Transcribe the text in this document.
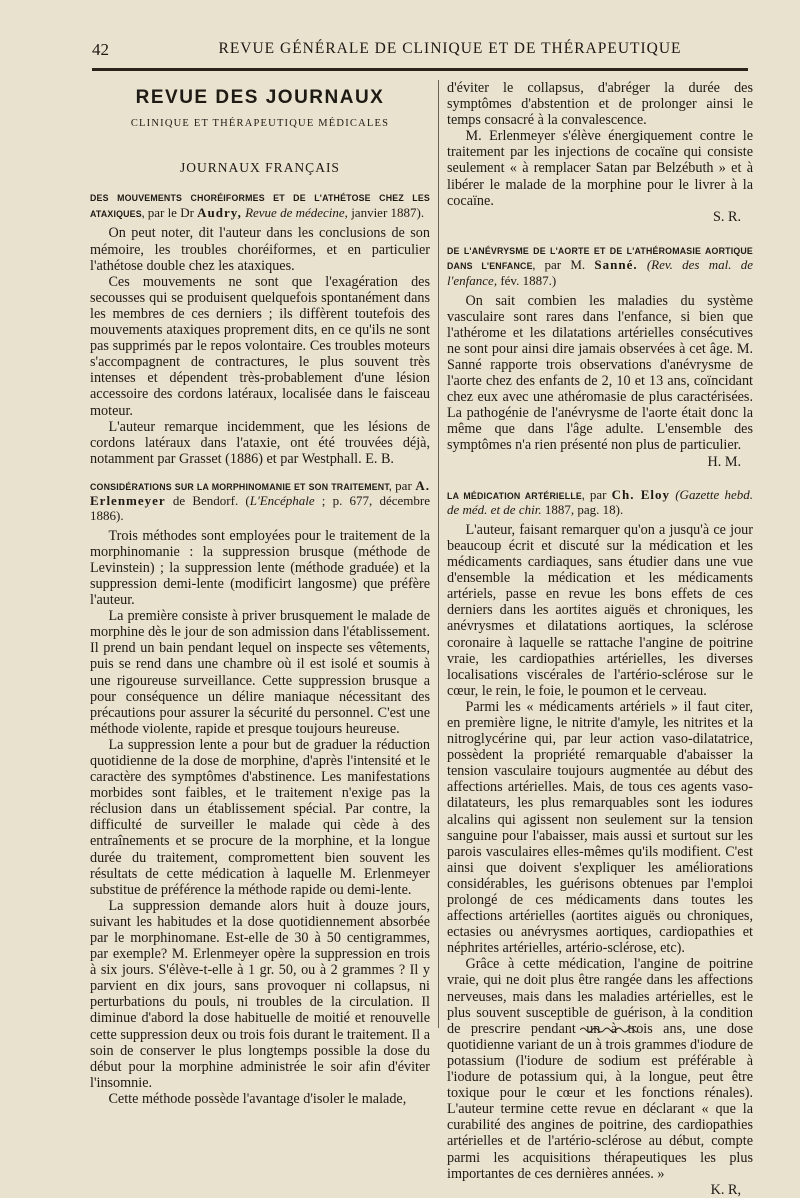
42	REVUE GÉNÉRALE DE CLINIQUE ET DE THÉRAPEUTIQUE
REVUE DES JOURNAUX
CLINIQUE ET THÉRAPEUTIQUE MÉDICALES
JOURNAUX FRANÇAIS
DES MOUVEMENTS CHORÉIFORMES ET DE L'ATHÉTOSE CHEZ LES ATAXIQUES, par le Dr Audry, Revue de médecine, janvier 1887).

On peut noter, dit l'auteur dans les conclusions de son mémoire, les troubles choréiformes, et en particulier l'athétose double chez les ataxiques.

Ces mouvements ne sont que l'exagération des secousses qui se produisent quelquefois spontanément dans les membres de ces derniers ; ils diffèrent toutefois des mouvements ataxiques proprement dits, en ce qu'ils ne sont pas supprimés par le repos volontaire. Ces troubles moteurs s'accompagnent de contractures, le plus souvent très intenses et dépendent très-probablement d'une lésion accessoire des cordons latéraux, localisée dans le faisceau moteur.

L'auteur remarque incidemment, que les lésions de cordons latéraux dans l'ataxie, ont été trouvées déjà, notamment par Grasset (1886) et par Westphall. E. B.

CONSIDÉRATIONS SUR LA MORPHINOMANIE ET SON TRAITEMENT, par A. Erlenmeyer de Bendorf. (L'Encéphale ; p. 677, décembre 1886).

Trois méthodes sont employées pour le traitement de la morphinomanie : la suppression brusque (méthode de Levinstein) ; la suppression lente (méthode graduée) et la suppression demi-lente (modificirt langosme) que préfère l'auteur.

La première consiste à priver brusquement le malade de morphine dès le jour de son admission dans l'établissement. Il prend un bain pendant lequel on inspecte ses vêtements, puis se rend dans une chambre où il est isolé et soumis à une rigoureuse surveillance. Cette suppression brusque a pour conséquence un délire maniaque nécessitant des précautions pour assurer la sécurité du personnel. C'est une méthode violente, rapide et presque toujours heureuse.

La suppression lente a pour but de graduer la réduction quotidienne de la dose de morphine, d'après l'intensité et le caractère des symptômes d'abstinence. Les manifestations morbides sont faibles, et le traitement n'exige pas la réclusion dans un établissement spécial. Par contre, la difficulté de surveiller le malade qui cède à des entraînements et se procure de la morphine, et la longue durée du traitement, compromettent bien souvent les résultats de cette médication à laquelle M. Erlenmeyer substitue de préférence la méthode rapide ou demi-lente.

La suppression demande alors huit à douze jours, suivant les habitudes et la dose quotidiennement absorbée par le morphinomane. Est-elle de 30 à 50 centigrammes, par exemple? M. Erlenmeyer opère la suppression en trois à six jours. S'élève-t-elle à 1 gr. 50, ou à 2 grammes ? Il y parvient en dix jours, sans provoquer ni collapsus, ni perturbations du pouls, ni troubles de la circulation. Il diminue d'abord la dose habituelle de moitié et renouvelle cette suppression deux ou trois fois durant le traitement. Il a soin de conserver le plus longtemps possible la dose du début pour la morphine administrée le soir afin d'éviter l'insomnie.

Cette méthode possède l'avantage d'isoler le malade,

d'éviter le collapsus, d'abréger la durée des symptômes d'abstention et de prolonger ainsi le temps consacré à la convalescence.

M. Erlenmeyer s'élève énergiquement contre le traitement par les injections de cocaïne qui consiste seulement « à remplacer Satan par Belzébuth » et à libérer le malade de la morphine pour le livrer à la cocaïne.

S. R.
DE L'ANÉVRYSME DE L'AORTE ET DE L'ATHÉROMASIE AORTIQUE DANS L'ENFANCE, par M. Sanné. (Rev. des mal. de l'enfance, fév. 1887.)

On sait combien les maladies du système vasculaire sont rares dans l'enfance, si bien que l'athérome et les dilatations artérielles consécutives ne sont pour ainsi dire jamais observées à cet âge. M. Sanné rapporte trois observations d'anévrysme de l'aorte chez des enfants de 2, 10 et 13 ans, coïncidant chez eux avec une athéromasie de plus caractérisées. La pathogénie de l'anévrysme de l'aorte était donc la même que dans l'âge adulte. L'ensemble des symptômes n'a rien présenté non plus de particulier.

H. M.
LA MÉDICATION ARTÉRIELLE, par Ch. Eloy (Gazette hebd. de méd. et de chir. 1887, pag. 18).

L'auteur, faisant remarquer qu'on a jusqu'à ce jour beaucoup écrit et discuté sur la médication et les médicaments cardiaques, sans étudier dans une vue d'ensemble la médication et les médicaments artériels, passe en revue les bons effets de ces derniers dans les aortites aiguës et chroniques, les anévrysmes et dilatations aortiques, la sclérose coronaire à laquelle se rattache l'angine de poitrine vraie, les cardiopathies artérielles, les diverses localisations viscérales de l'artério-sclérose sur le cœur, le rein, le foie, le poumon et le cerveau.

Parmi les « médicaments artériels » il faut citer, en première ligne, le nitrite d'amyle, les nitrites et la nitroglycérine qui, par leur action vaso-dilatatrice, possèdent la propriété remarquable d'abaisser la tension vasculaire toujours augmentée au début des affections artérielles. Mais, de tous ces agents vaso-dilatateurs, les plus remarquables sont les iodures alcalins qui agissent non seulement sur la tension sanguine pour l'abaisser, mais aussi et surtout sur les parois vasculaires elles-mêmes qu'ils modifient. C'est ainsi que doivent s'expliquer les améliorations considérables, les guérisons obtenues par l'emploi prolongé de ces médicaments dans toutes les affections artérielles (aortites aiguës ou chroniques, ectasies ou anévrysmes aortiques, cardiopathies et néphrites artérielles, artério-sclérose, etc).

Grâce à cette médication, l'angine de poitrine vraie, qui ne doit plus être rangée dans les affections nerveuses, mais dans les maladies artérielles, est le plus souvent susceptible de guérison, à la condition de prescrire pendant un à trois ans, une dose quotidienne variant de un à trois grammes d'iodure de potassium (l'iodure de sodium est préférable à l'iodure de potassium qui, à la longue, peut être toxique pour le cœur et les fonctions rénales). L'auteur termine cette revue en déclarant « que la curabilité des angines de poitrine, des cardiopathies artérielles et de l'artério-sclérose au début, compte parmi les acquisitions thérapeutiques les plus importantes de ces dernières années. »

K. R,
